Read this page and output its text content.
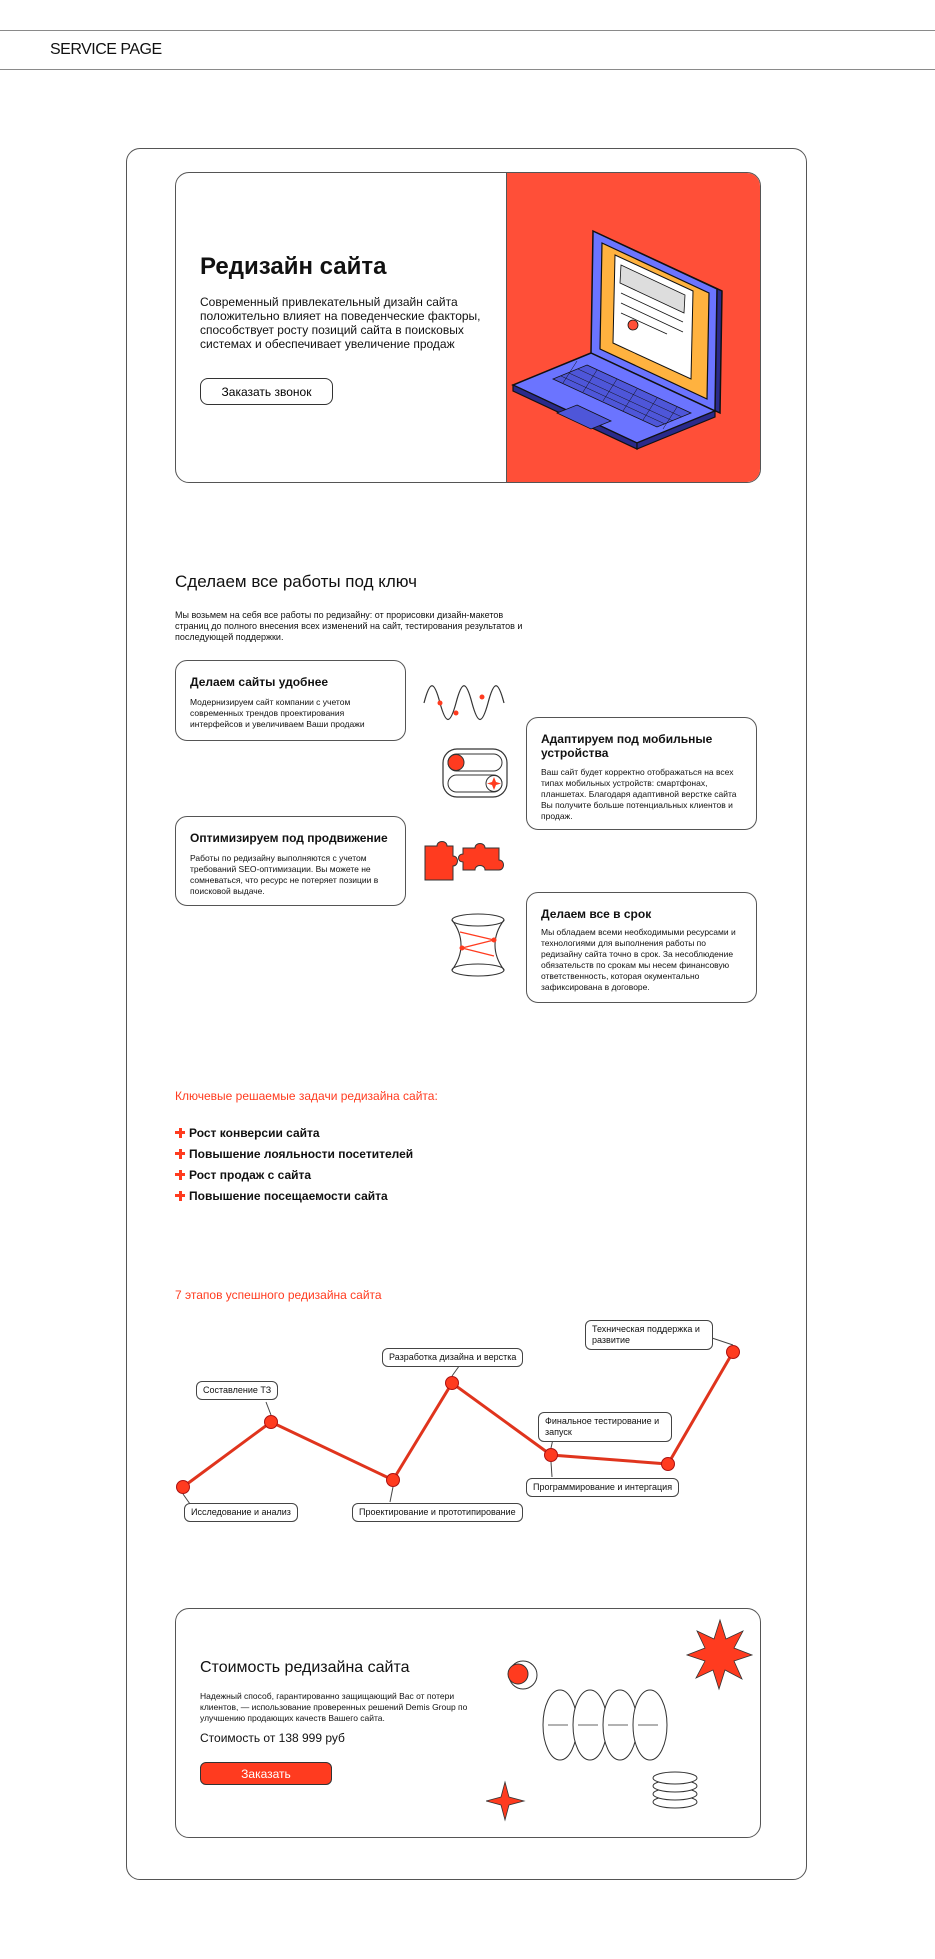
SERVICE PAGE
Редизайн сайта

Современный привлекательный дизайн сайта положительно влияет на поведенческие факторы, способствует росту позиций сайта в поисковых системах и обеспечивает увеличение продаж

Заказать звонок
Сделаем все работы под ключ

Мы возьмем на себя все работы по редизайну: от прорисовки дизайн-макетов страниц до полного внесения всех изменений на сайт, тестирования результатов и последующей поддержки.

Делаем сайты удобнее

Модернизируем сайт компании с учетом современных трендов проектирования интерфейсов и увеличиваем Ваши продажи

Адаптируем под мобильные устройства

Ваш сайт будет корректно отображаться на всех типах мобильных устройств: смартфонах, планшетах. Благодаря адаптивной верстке сайта Вы получите больше потенциальных клиентов и продаж.

Оптимизируем под продвижение

Работы по редизайну выполняются с учетом требований SEO-оптимизации. Вы можете не сомневаться, что ресурс не потеряет позиции в поисковой выдаче.

Делаем все в срок

Мы обладаем всеми необходимыми ресурсами и технологиями для выполнения работы по редизайну сайта точно в срок. За несоблюдение обязательств по срокам мы несем финансовую ответственность, которая окументально зафиксирована в договоре.

Ключевые решаемые задачи редизайна сайта:
Рост конверсии сайта
Повышение лояльности посетителей
Рост продаж с сайта
Повышение посещаемости сайта
7 этапов успешного редизайна сайта
Исследование и анализ
Составление ТЗ
Проектирование и прототипирование
Разработка дизайна и верстка
Программирование и интергация
Финальное тестирование и запуск
Техническая поддержка и развитие
Стоимость редизайна сайта

Надежный способ, гарантированно защищающий Вас от потери клиентов, — использование проверенных решений Demis Group по улучшению продающих качеств Вашего сайта.

Стоимость от 138 999 руб
Заказать
